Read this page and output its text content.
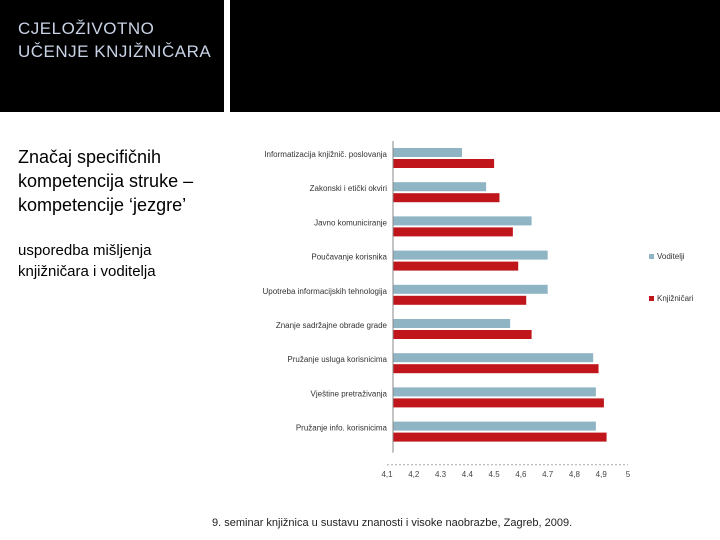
CJELOŽIVOTNO UČENJE KNJIŽNIČARA
Značaj specifičnih kompetencija struke – kompetencije ‘jezgre’
usporedba mišljenja knjižničara i voditelja
Informatizacija knjižnič. poslovanja
Zakonski i etički okviri
Javno komuniciranje
Poučavanje korisnika
Upotreba informacijskih tehnologija
Znanje sadržajne obrade grade
Pružanje usluga korisnicima
Vještine pretraživanja
Pružanje info. korisnicima
4,1 4,2 4.3 4.4 4.5 4,6 4.7 4,8 4,9 5
Voditelji
Knjižničari
9. seminar knjižnica u sustavu znanosti i visoke naobrazbe, Zagreb, 2009.
